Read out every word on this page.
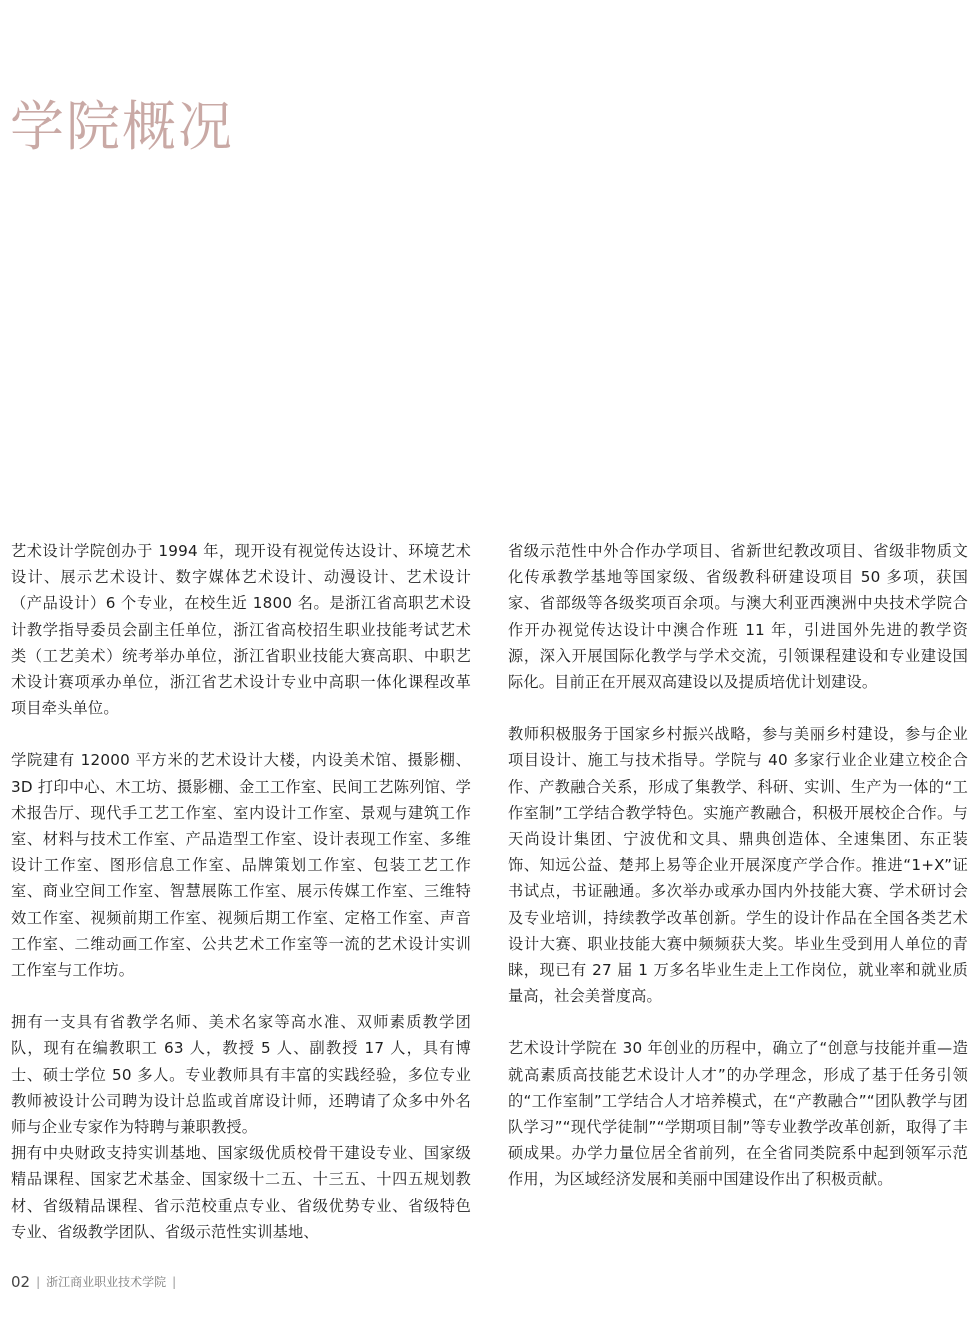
学院概况

艺术设计学院创办于 1994 年，现开设有视觉传达设计、环境艺术设计、展示艺术设计、数字媒体艺术设计、动漫设计、艺术设计（产品设计）6 个专业，在校生近 1800 名。是浙江省高职艺术设计教学指导委员会副主任单位，浙江省高校招生职业技能考试艺术类（工艺美术）统考举办单位，浙江省职业技能大赛高职、中职艺术设计赛项承办单位，浙江省艺术设计专业中高职一体化课程改革项目牵头单位。

学院建有 12000 平方米的艺术设计大楼，内设美术馆、摄影棚、3D 打印中心、木工坊、摄影棚、金工工作室、民间工艺陈列馆、学术报告厅、现代手工艺工作室、室内设计工作室、景观与建筑工作室、材料与技术工作室、产品造型工作室、设计表现工作室、多维设计工作室、图形信息工作室、品牌策划工作室、包装工艺工作室、商业空间工作室、智慧展陈工作室、展示传媒工作室、三维特效工作室、视频前期工作室、视频后期工作室、定格工作室、声音工作室、二维动画工作室、公共艺术工作室等一流的艺术设计实训工作室与工作坊。

拥有一支具有省教学名师、美术名家等高水准、双师素质教学团队，现有在编教职工 63 人，教授 5 人、副教授 17 人，具有博士、硕士学位 50 多人。专业教师具有丰富的实践经验，多位专业教师被设计公司聘为设计总监或首席设计师，还聘请了众多中外名师与企业专家作为特聘与兼职教授。

拥有中央财政支持实训基地、国家级优质校骨干建设专业、国家级精品课程、国家艺术基金、国家级十二五、十三五、十四五规划教材、省级精品课程、省示范校重点专业、省级优势专业、省级特色专业、省级教学团队、省级示范性实训基地、

省级示范性中外合作办学项目、省新世纪教改项目、省级非物质文化传承教学基地等国家级、省级教科研建设项目 50 多项，获国家、省部级等各级奖项百余项。与澳大利亚西澳洲中央技术学院合作开办视觉传达设计中澳合作班 11 年，引进国外先进的教学资源，深入开展国际化教学与学术交流，引领课程建设和专业建设国际化。目前正在开展双高建设以及提质培优计划建设。

教师积极服务于国家乡村振兴战略，参与美丽乡村建设，参与企业项目设计、施工与技术指导。学院与 40 多家行业企业建立校企合作、产教融合关系，形成了集教学、科研、实训、生产为一体的“工作室制”工学结合教学特色。实施产教融合，积极开展校企合作。与天尚设计集团、宁波优和文具、鼎典创造体、全速集团、东正装饰、知远公益、楚邦上易等企业开展深度产学合作。推进“1+X”证书试点，书证融通。多次举办或承办国内外技能大赛、学术研讨会及专业培训，持续教学改革创新。学生的设计作品在全国各类艺术设计大赛、职业技能大赛中频频获大奖。毕业生受到用人单位的青睐，现已有 27 届 1 万多名毕业生走上工作岗位，就业率和就业质量高，社会美誉度高。

艺术设计学院在 30 年创业的历程中，确立了“创意与技能并重—造就高素质高技能艺术设计人才”的办学理念，形成了基于任务引领的“工作室制”工学结合人才培养模式，在“产教融合”“团队教学与团队学习”“现代学徒制”“学期项目制”等专业教学改革创新，取得了丰硕成果。办学力量位居全省前列，在全省同类院系中起到领军示范作用，为区域经济发展和美丽中国建设作出了积极贡献。

02 | 浙江商业职业技术学院 |
